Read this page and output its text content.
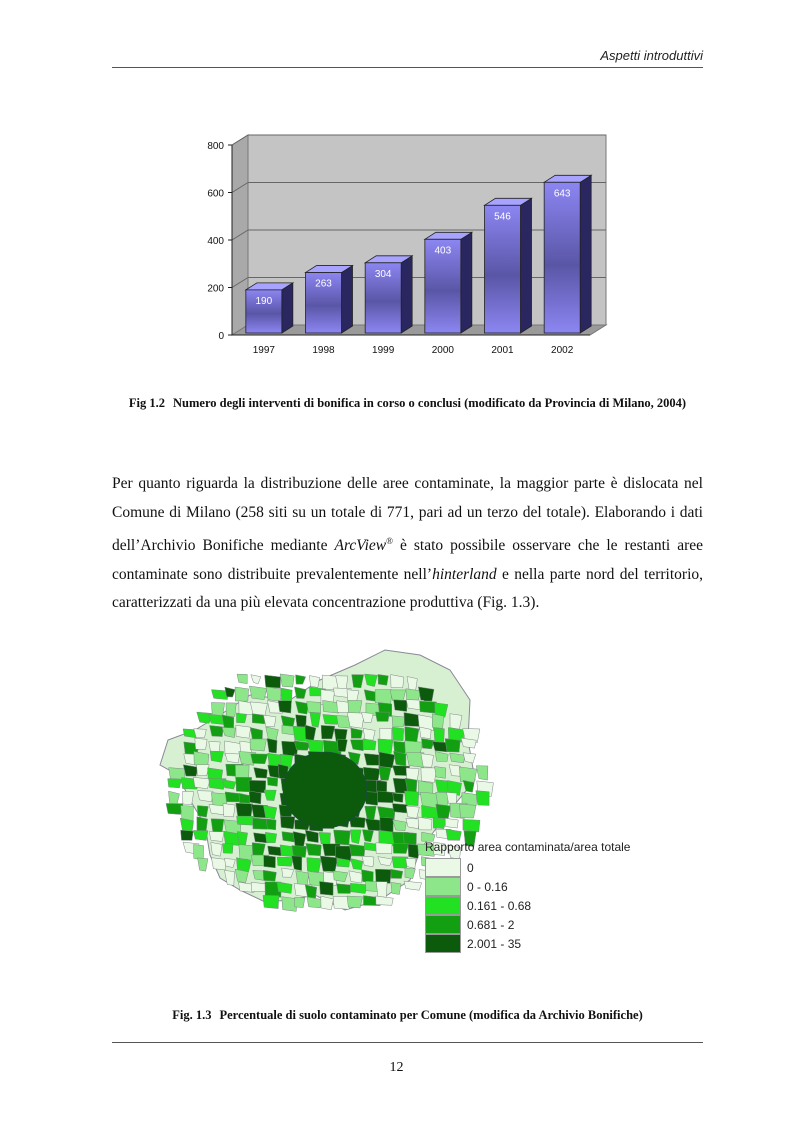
Aspetti introduttivi
0
200
400
600
800
190
1997
263
1998
304
1999
403
2000
546
2001
643
2002
Fig 1.2 Numero degli interventi di bonifica in corso o conclusi (modificato da Provincia di Milano, 2004)
Per quanto riguarda la distribuzione delle aree contaminate, la maggior parte è dislocata nel Comune di Milano (258 siti su un totale di 771, pari ad un terzo del totale). Elaborando i dati dell’Archivio Bonifiche mediante ArcView® è stato possibile osservare che le restanti aree contaminate sono distribuite prevalentemente nell’hinterland e nella parte nord del territorio, caratterizzati da una più elevata concentrazione produttiva (Fig. 1.3).
Rapporto area contaminata/area totale
0
0 - 0.16
0.161 - 0.68
0.681 - 2
2.001 - 35
Fig. 1.3 Percentuale di suolo contaminato per Comune (modifica da Archivio Bonifiche)
12
